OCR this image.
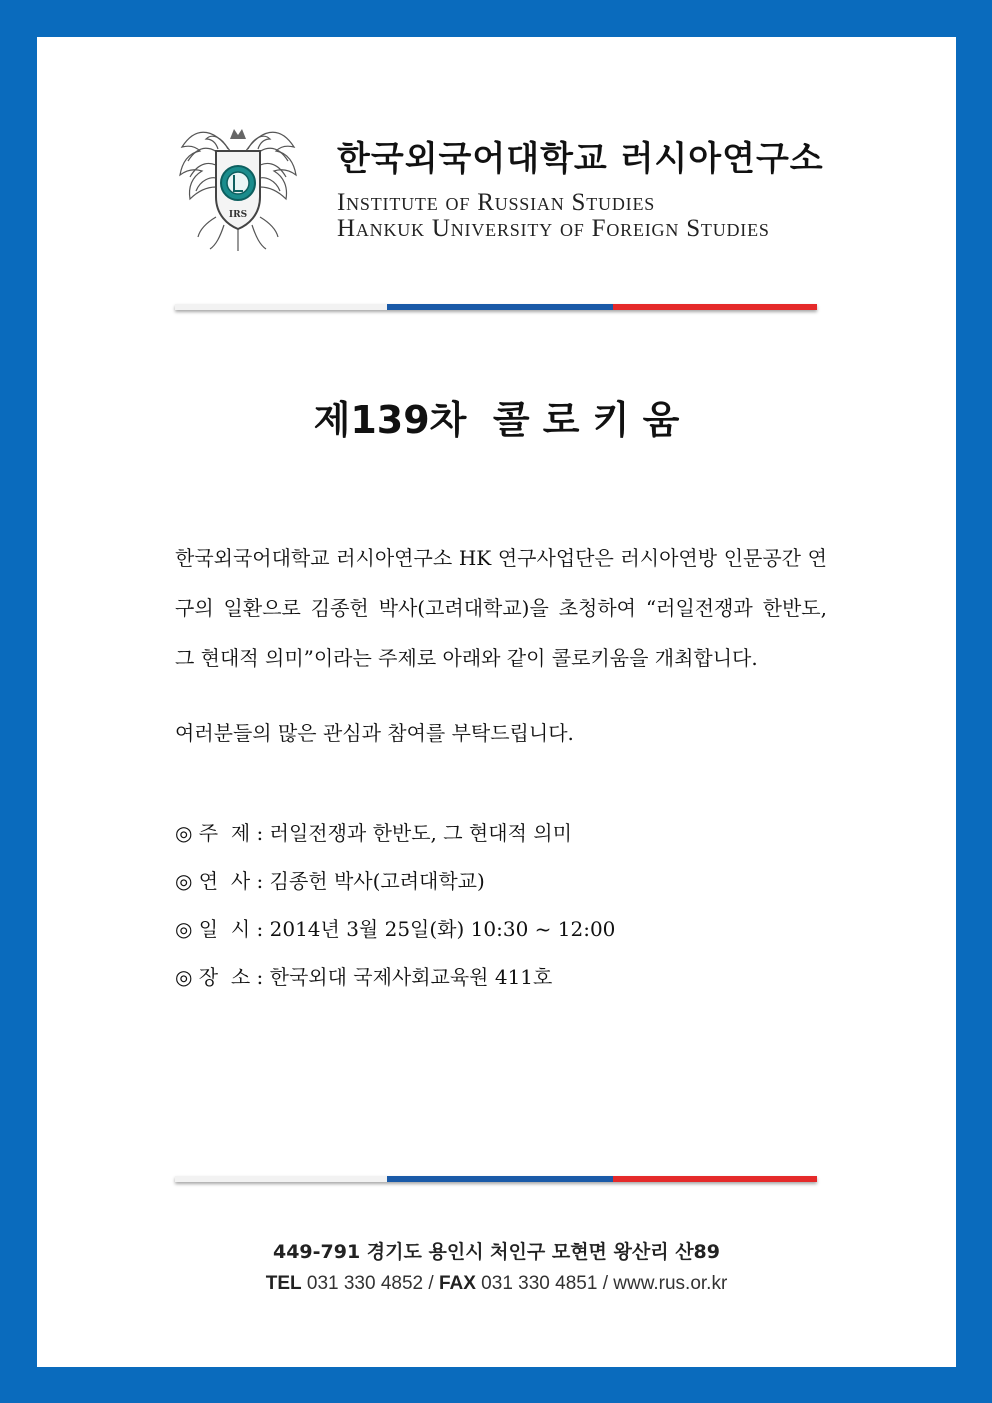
IRS
한국외국어대학교 러시아연구소
Institute of Russian Studies
Hankuk University of Foreign Studies
제139차  콜 로 키 움
한국외국어대학교 러시아연구소 HK 연구사업단은 러시아연방 인문공간 연구의 일환으로 김종헌 박사(고려대학교)을 초청하여 “러일전쟁과 한반도, 그 현대적 의미”이라는 주제로 아래와 같이 콜로키움을 개최합니다.
여러분들의 많은 관심과 참여를 부탁드립니다.
◎ 주  제 : 러일전쟁과 한반도, 그 현대적 의미
◎ 연  사 : 김종헌 박사(고려대학교)
◎ 일  시 : 2014년 3월 25일(화) 10:30 ~ 12:00
◎ 장  소 : 한국외대 국제사회교육원 411호
449-791 경기도 용인시 처인구 모현면 왕산리 산89
TEL 031 330 4852 / FAX 031 330 4851 / www.rus.or.kr
